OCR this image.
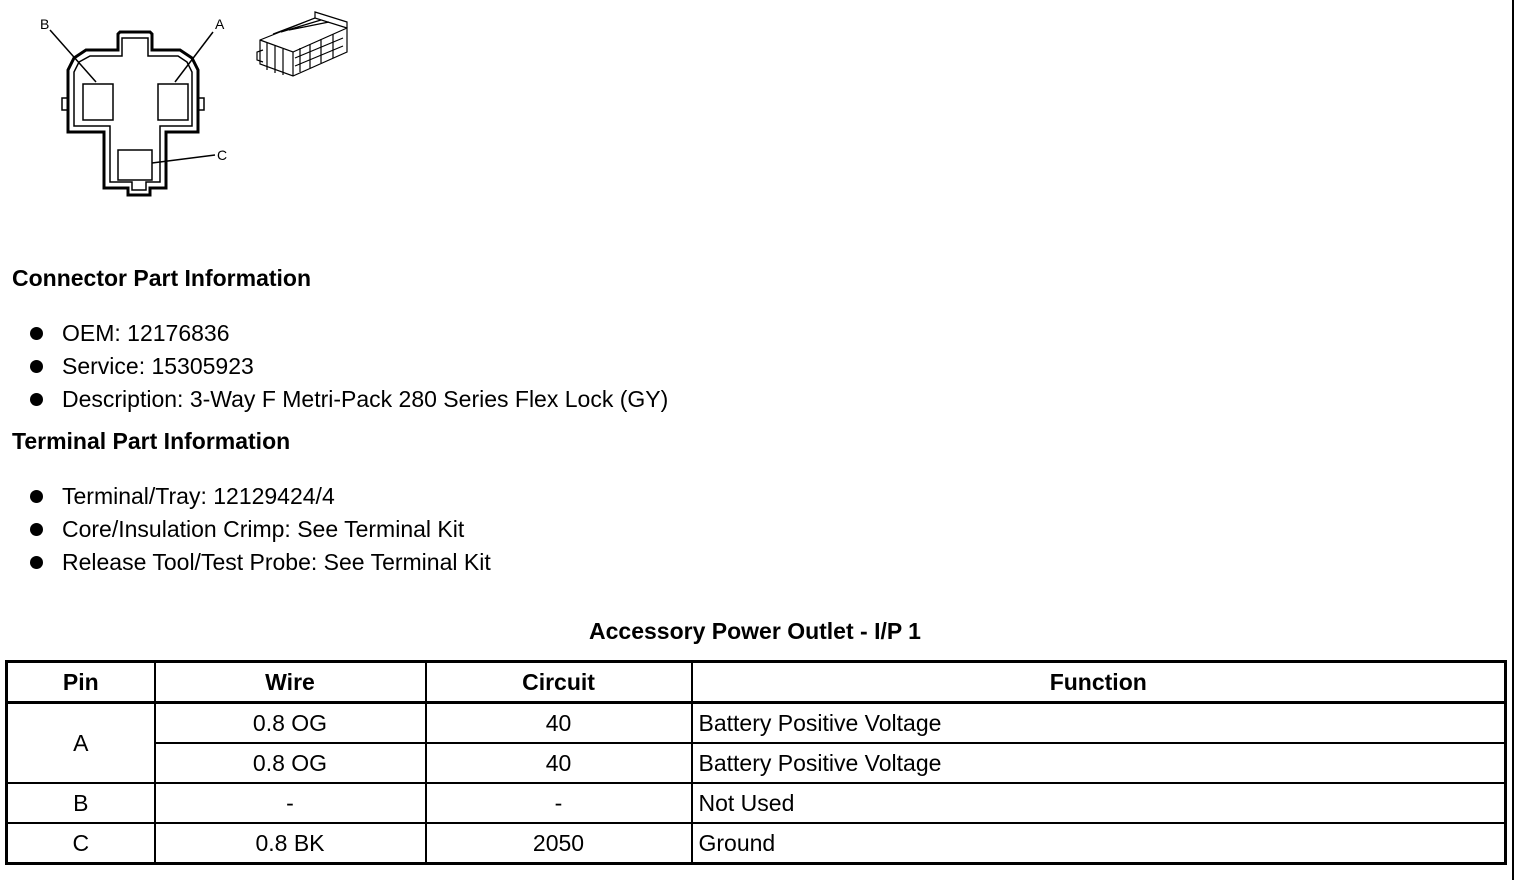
B	A
C
Connector Part Information
OEM: 12176836
Service: 15305923
Description: 3-Way F Metri-Pack 280 Series Flex Lock (GY)
Terminal Part Information
Terminal/Tray: 12129424/4
Core/Insulation Crimp: See Terminal Kit
Release Tool/Test Probe: See Terminal Kit
Accessory Power Outlet - I/P 1
Pin	Wire	Circuit	Function
A	0.8 OG	40	Battery Positive Voltage
	0.8 OG	40	Battery Positive Voltage
B	-	-	Not Used
C	0.8 BK	2050	Ground
